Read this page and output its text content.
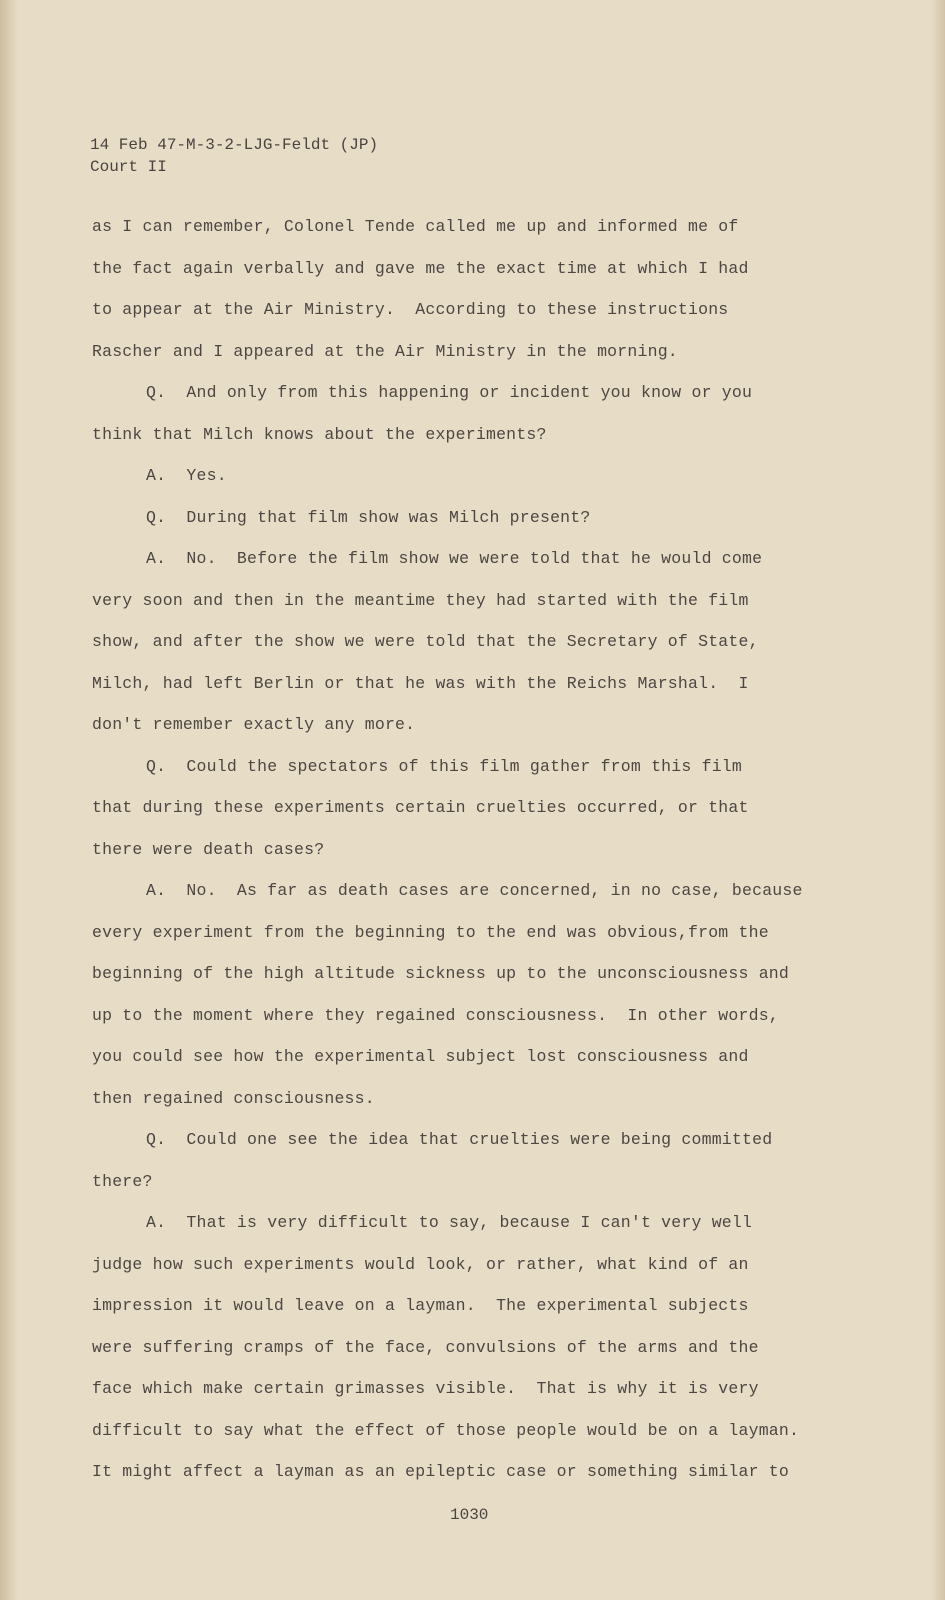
14 Feb 47-M-3-2-LJG-Feldt (JP)
Court II
as I can remember, Colonel Tende called me up and informed me of
the fact again verbally and gave me the exact time at which I had
to appear at the Air Ministry.  According to these instructions
Rascher and I appeared at the Air Ministry in the morning.
Q.  And only from this happening or incident you know or you
think that Milch knows about the experiments?
A.  Yes.
Q.  During that film show was Milch present?
A.  No.  Before the film show we were told that he would come
very soon and then in the meantime they had started with the film
show, and after the show we were told that the Secretary of State,
Milch, had left Berlin or that he was with the Reichs Marshal.  I
don't remember exactly any more.
Q.  Could the spectators of this film gather from this film
that during these experiments certain cruelties occurred, or that
there were death cases?
A.  No.  As far as death cases are concerned, in no case, because
every experiment from the beginning to the end was obvious,from the
beginning of the high altitude sickness up to the unconsciousness and
up to the moment where they regained consciousness.  In other words,
you could see how the experimental subject lost consciousness and
then regained consciousness.
Q.  Could one see the idea that cruelties were being committed
there?
A.  That is very difficult to say, because I can't very well
judge how such experiments would look, or rather, what kind of an
impression it would leave on a layman.  The experimental subjects
were suffering cramps of the face, convulsions of the arms and the
face which make certain grimasses visible.  That is why it is very
difficult to say what the effect of those people would be on a layman.
It might affect a layman as an epileptic case or something similar to
1030
